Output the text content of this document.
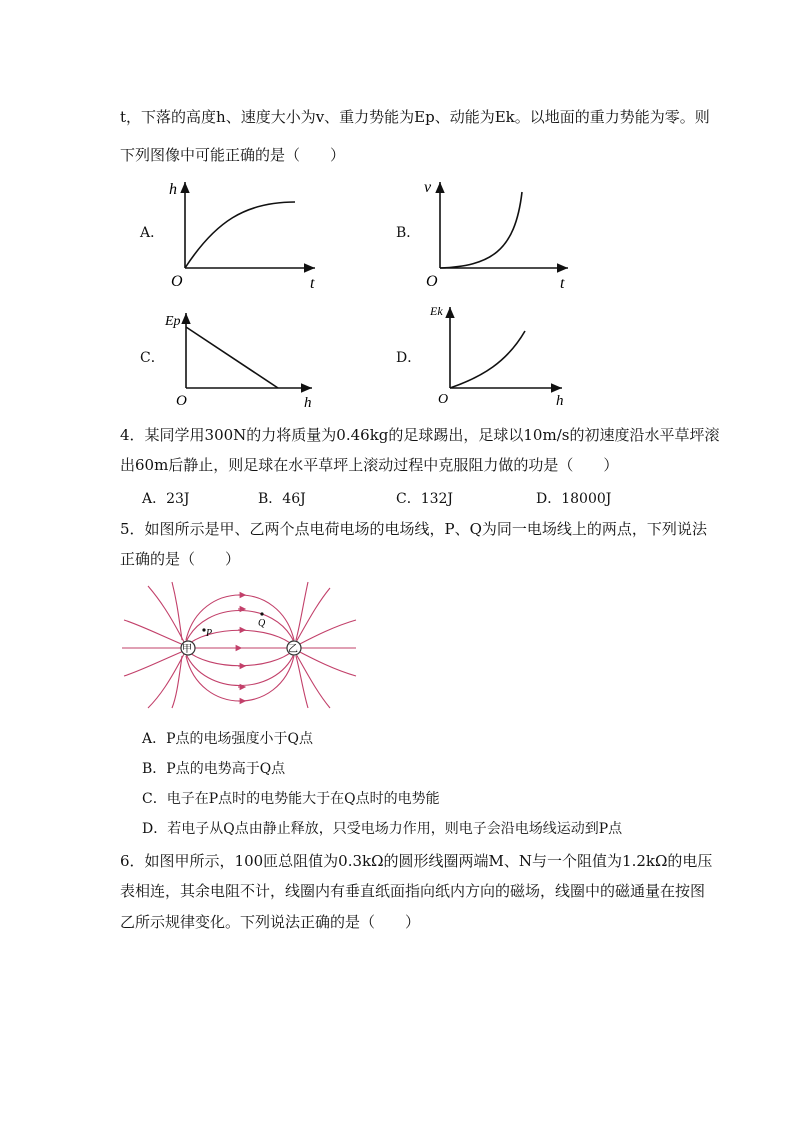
t，下落的高度h、速度大小为v、重力势能为Ep、动能为Ek。以地面的重力势能为零。则
下列图像中可能正确的是（　　）
A．
h
O	t
B．
v
O	t
C．
Ep
O	h
D．
Ek
O	h
4．某同学用300N的力将质量为0.46kg的足球踢出，足球以10m/s的初速度沿水平草坪滚
出60m后静止，则足球在水平草坪上滚动过程中克服阻力做的功是（　　）
A．23J	B．46J	C．132J	D．18000J
5．如图所示是甲、乙两个点电荷电场的电场线，P、Q为同一电场线上的两点，下列说法
正确的是（　　）
甲	乙
P
Q
A．P点的电场强度小于Q点
B．P点的电势高于Q点
C．电子在P点时的电势能大于在Q点时的电势能
D．若电子从Q点由静止释放，只受电场力作用，则电子会沿电场线运动到P点
6．如图甲所示，100匝总阻值为0.3kΩ的圆形线圈两端M、N与一个阻值为1.2kΩ的电压
表相连，其余电阻不计，线圈内有垂直纸面指向纸内方向的磁场，线圈中的磁通量在按图
乙所示规律变化。下列说法正确的是（　　）
